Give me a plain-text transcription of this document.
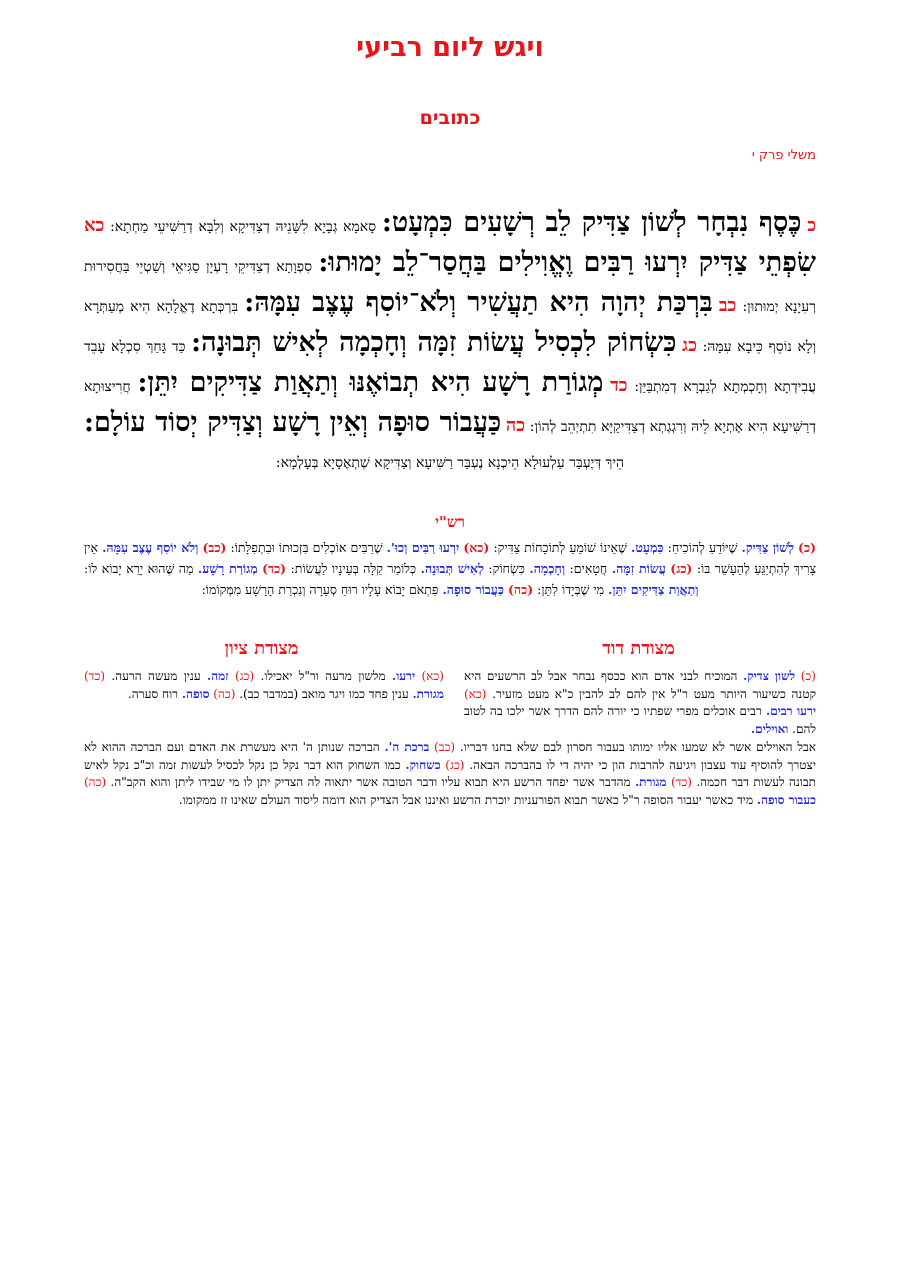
ויגש ליום רביעי
כתובים
משלי פרק י
כ כֶּסֶף נִבְחָר לְשׁוֹן צַדִּיק לֵב רְשָׁעִים כִּמְעָט: סָאמָא גְבָיָא לִשָּׁנֵיהּ דְצַדִּיקָא וְלִבָּא דְרַשִּׁיעֵי מַחְתָא: כא שִׂפְתֵי צַדִּיק יִרְעוּ רַבִּים וֶאֱוִילִים בַּחֲסַר־לֵב יָמוּתוּ: סִפְוָתָא דְצַדִּיקֵי רָעְיָן סַגִּיאֵי וְשַׁטְיֵי בַּחֲסִירוּת רְעִיָנָא יְמוּתוּן: כב בִּרְכַּת יְהוָה הִיא תַעֲשִׁיר וְלֹא־יוֹסִף עֶצֶב עִמָּהּ: בִּרְכְּתָא דֶאֱלָהָא הִיא מְעַתְּרָא וְלָא נוֹסֵף כֵּיבָא עִמָּהּ: כג כִּשְׂחוֹק לִכְסִיל עֲשׂוֹת זִמָּה וְחָכְמָה לְאִישׁ תְּבוּנָה: כַּד גָּחַךְ סִכְלָא עָבֵד עֲבִידְתָא וְחָכְמְתָא לְגַבְרָא דְמִתְבַּיַּן: כד מְגוֹרַת רָשָׁע הִיא תְבוֹאֶנּוּ וְתַאֲוַת צַדִּיקִים יִתֵּן: חֲרִיצוּתָא דְרַשִּׁיעָא הִיא אָתְיָא לֵיהּ וְרִגְגְתְא דְצַדִּיקַיָּא תִתְיְהֵב לְהוֹן: כה כַּעֲבוֹר סוּפָה וְאֵין רָשָׁע וְצַדִּיק יְסוֹד עוֹלָם: הֵיךְ דְּיֶעְבַּר עַלְעוּלָא הֵיכְנָא נֶעְבַּר רַשִּׁיעָא וְצַדִּיקָא שְׁתְאֶסָיָא בְּעָלְמָא:
רש"י
(כ) לְשׁוֹן צַדִּיק. שֶׁיּוֹדֵעַ לְהוֹכִיחַ: כִּמְעָט. שֶׁאֵינוֹ שׁוֹמֵעַ לְתוֹכָחוֹת צַדִּיק: (כא) יִרְעוּ רַבִּים וְכוּ'. שֶׁרַבִּים אוֹכְלִים בִּזְכוּתוֹ וּבִתְפִלָּתוֹ: (כב) וְלֹא יוֹסִף עֶצֶב עִמָּהּ. אֵין צָרִיךְ לְהִתְיַגֵּעַ לְהֵעָשֵׁר בּוֹ: (כג) עֲשׂוֹת זִמָּה. חֲטָאִים: וְחָכְמָה. כִּשְׂחוֹק: לְאִישׁ תְּבוּנָה. כְּלוֹמַר קַלָּה בְּעֵינָיו לַעֲשׂוֹת: (כד) מְגוֹרַת רָשָׁע. מַה שֶּׁהוּא יָרֵא יָבוֹא לוֹ: וְתַאֲוַת צַדִּיקִים יִתֵּן. מִי שֶׁבְּיָדוֹ לִתֵּן: (כה) כַּעֲבוֹר סוּפָה. פִּתְאֹם יָבוֹא עָלָיו רוּחַ סְעָרָה וְנִכְרַת הָרָשָׁע מִמְּקוֹמוֹ:
מצודת דוד
מצודת ציון
(כ) לשון צדיק. המוכיח לבני אדם הוא ככסף נבחר אבל לב הרשעים היא קטנה כשיעור היותר מעט ר"ל אין להם לב להבין כ"א מעט מזעיר. (כא) ירעו רבים. רבים אוכלים מפרי שפתיו כי יורה להם הדרך אשר ילכו בה לטוב להם. ואוילים.
(כא) ירעו. מלשון מרעה ור"ל יאכילו. (כג) זמה. ענין מעשה הרעה. (כד) מגורת. ענין פחד כמו ויגר מואב (במדבר כב). (כה) סופה. רוח סערה.
אבל האוילים אשר לא שמעו אליו ימותו בעבור חסרון לבם שלא בחנו דבריו. (כב) ברכת ה'. הברכה שנותן ה' היא מעשרת את האדם ועם הברכה ההוא לא יצטרך להוסיף עוד עצבון ויגיעה להרבות הון כי יהיה די לו בהברכה הבאה. (כג) כשחוק. כמו השחוק הוא דבר נקל כן נקל לכסיל לעשות זמה וכ"כ נקל לאיש תבונה לעשות דבר חכמה. (כד) מגורת. מהדבר אשר יפחד הרשע היא תבוא עליו ודבר הטובה אשר יתאוה לה הצדיק יתן לו מי שבידו ליתן והוא הקב"ה. (כה) כעבור סופה. מיד כאשר יעבור הסופה ר"ל כאשר תבוא הפורעניות יוכרת הרשע ואיננו אבל הצדיק הוא דומה ליסוד העולם שאינו זז ממקומו.
